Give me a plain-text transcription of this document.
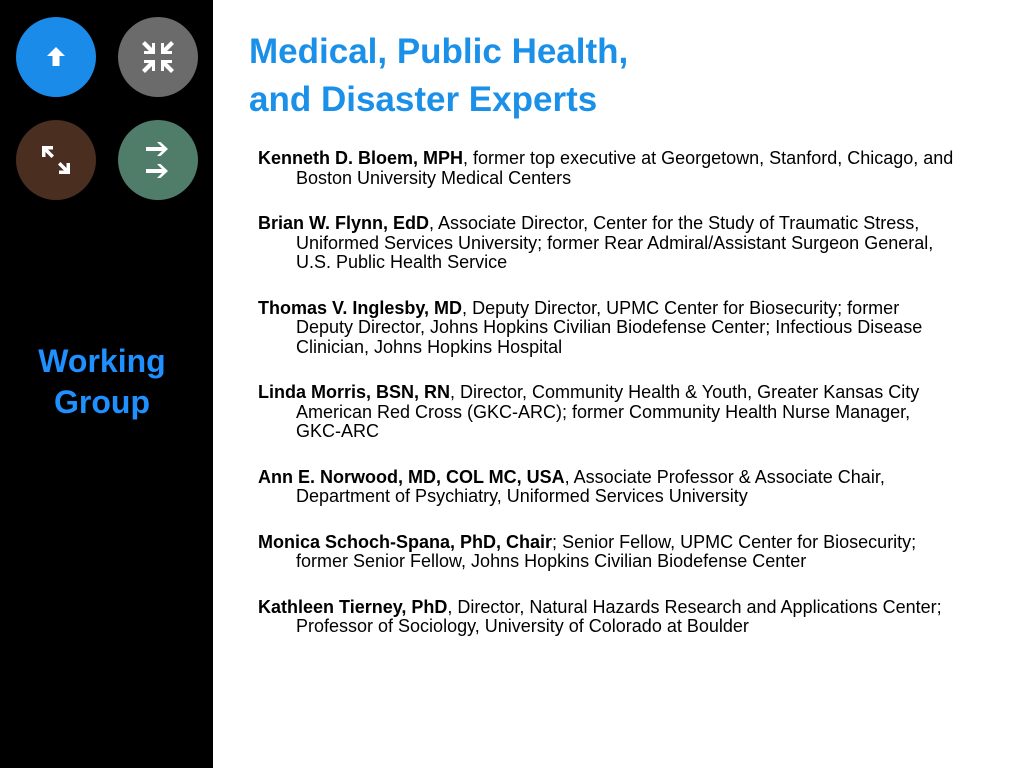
Working
Group
Medical, Public Health,
and Disaster Experts
Kenneth D. Bloem, MPH, former top executive at Georgetown, Stanford, Chicago, and Boston University Medical Centers
Brian W. Flynn, EdD, Associate Director, Center for the Study of Traumatic Stress, Uniformed Services University; former Rear Admiral/Assistant Surgeon General, U.S. Public Health Service
Thomas V. Inglesby, MD, Deputy Director, UPMC Center for Biosecurity; former Deputy Director, Johns Hopkins Civilian Biodefense Center; Infectious Disease Clinician, Johns Hopkins Hospital
Linda Morris, BSN, RN, Director, Community Health & Youth, Greater Kansas City American Red Cross (GKC-ARC); former Community Health Nurse Manager, GKC-ARC
Ann E. Norwood, MD, COL MC, USA, Associate Professor & Associate Chair, Department of Psychiatry, Uniformed Services University
Monica Schoch-Spana, PhD, Chair; Senior Fellow, UPMC Center for Biosecurity; former Senior Fellow, Johns Hopkins Civilian Biodefense Center
Kathleen Tierney, PhD, Director, Natural Hazards Research and Applications Center; Professor of Sociology, University of Colorado at Boulder
